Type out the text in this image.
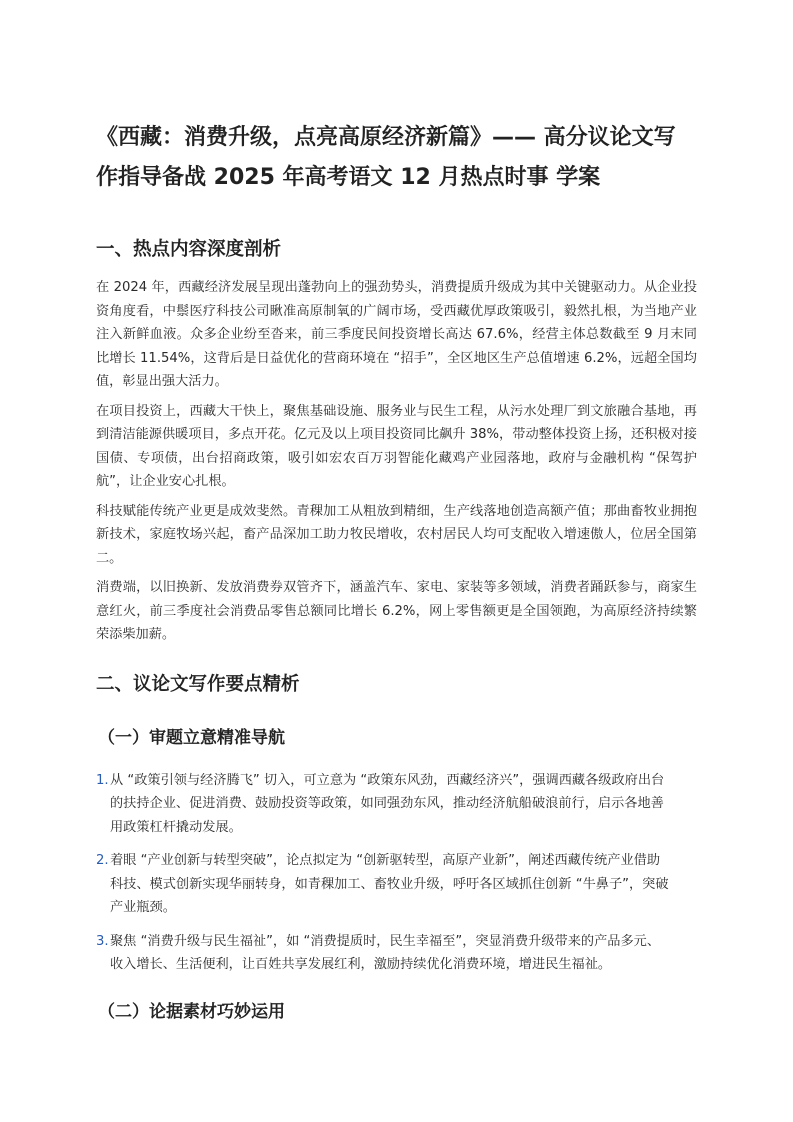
《西藏：消费升级，点亮高原经济新篇》—— 高分议论文写作指导备战 2025 年高考语文 12 月热点时事 学案
一、热点内容深度剖析

在 2024 年，西藏经济发展呈现出蓬勃向上的强劲势头，消费提质升级成为其中关键驱动力。从企业投资角度看，中鬃医疗科技公司瞅准高原制氧的广阔市场，受西藏优厚政策吸引，毅然扎根，为当地产业注入新鲜血液。众多企业纷至沓来，前三季度民间投资增长高达 67.6%，经营主体总数截至 9 月末同比增长 11.54%，这背后是日益优化的营商环境在 “招手”，全区地区生产总值增速 6.2%，远超全国均值，彰显出强大活力。

在项目投资上，西藏大干快上，聚焦基础设施、服务业与民生工程，从污水处理厂到文旅融合基地，再到清洁能源供暖项目，多点开花。亿元及以上项目投资同比飙升 38%，带动整体投资上扬，还积极对接国债、专项债，出台招商政策，吸引如宏农百万羽智能化藏鸡产业园落地，政府与金融机构 “保驾护航”，让企业安心扎根。

科技赋能传统产业更是成效斐然。青稞加工从粗放到精细，生产线落地创造高额产值；那曲畜牧业拥抱新技术，家庭牧场兴起，畜产品深加工助力牧民增收，农村居民人均可支配收入增速傲人，位居全国第二。

消费端，以旧换新、发放消费券双管齐下，涵盖汽车、家电、家装等多领域，消费者踊跃参与，商家生意红火，前三季度社会消费品零售总额同比增长 6.2%，网上零售额更是全国领跑，为高原经济持续繁荣添柴加薪。

二、议论文写作要点精析
（一）审题立意精准导航
1. 从 “政策引领与经济腾飞” 切入，可立意为 “政策东风劲，西藏经济兴”，强调西藏各级政府出台的扶持企业、促进消费、鼓励投资等政策，如同强劲东风，推动经济航船破浪前行，启示各地善用政策杠杆撬动发展。
2. 着眼 “产业创新与转型突破”，论点拟定为 “创新驱转型，高原产业新”，阐述西藏传统产业借助科技、模式创新实现华丽转身，如青稞加工、畜牧业升级，呼吁各区域抓住创新 “牛鼻子”，突破产业瓶颈。
3. 聚焦 “消费升级与民生福祉”，如 “消费提质时，民生幸福至”，突显消费升级带来的产品多元、收入增长、生活便利，让百姓共享发展红利，激励持续优化消费环境，增进民生福祉。
（二）论据素材巧妙运用
